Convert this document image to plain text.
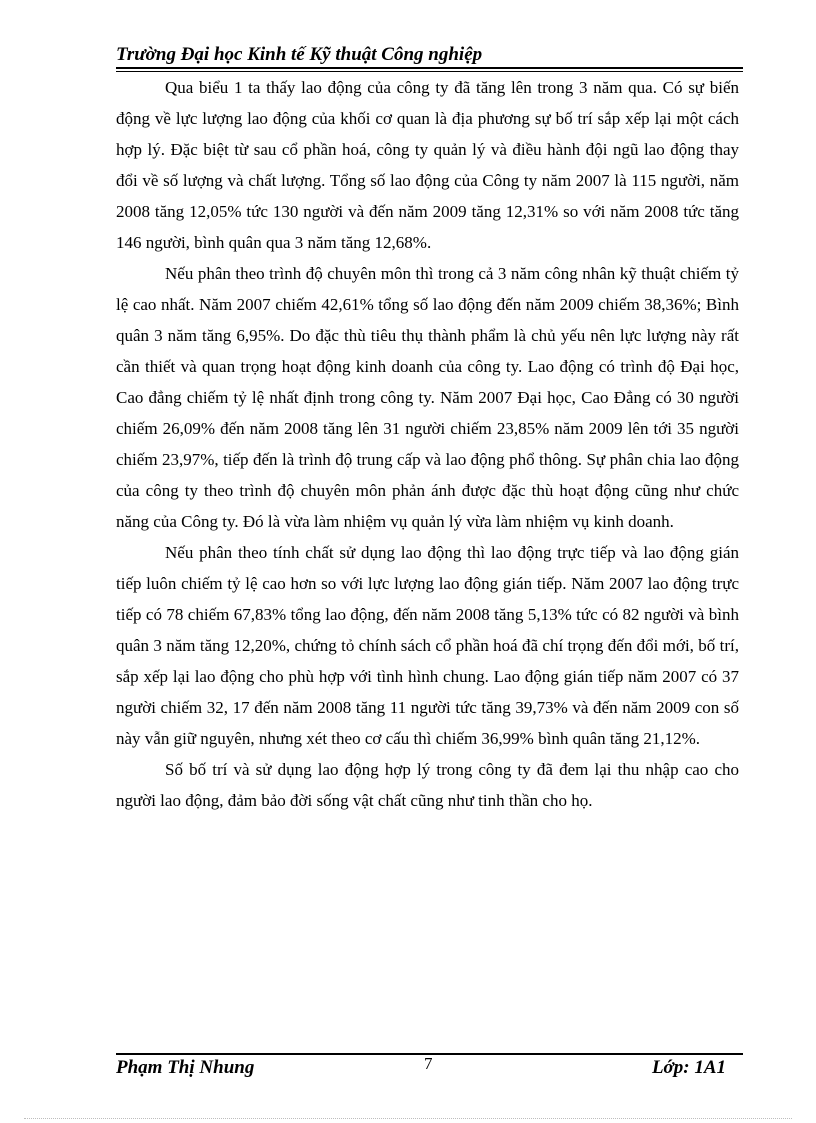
Trường Đại học Kinh tế Kỹ thuật Công nghiệp

Qua biểu 1 ta thấy lao động của công ty đã tăng lên trong 3 năm qua. Có sự biến động về lực lượng lao động của khối cơ quan là địa phương sự bố trí sắp xếp lại một cách hợp lý. Đặc biệt từ sau cổ phần hoá, công ty quản lý và điều hành đội ngũ lao động thay đổi về số lượng và chất lượng. Tổng số lao động của Công ty năm 2007 là 115 người, năm 2008 tăng 12,05% tức 130 người và đến năm 2009 tăng 12,31% so với năm 2008 tức tăng 146 người, bình quân qua 3 năm tăng 12,68%.

Nếu phân theo trình độ chuyên môn thì trong cả 3 năm công nhân kỹ thuật chiếm tỷ lệ cao nhất. Năm 2007 chiếm 42,61% tổng số lao động đến năm 2009 chiếm 38,36%; Bình quân 3 năm tăng 6,95%. Do đặc thù tiêu thụ thành phẩm là chủ yếu nên lực lượng này rất cần thiết và quan trọng hoạt động kinh doanh của công ty. Lao động có trình độ Đại học, Cao đẳng chiếm tỷ lệ nhất định trong công ty. Năm 2007 Đại học, Cao Đẳng có 30 người chiếm 26,09% đến năm 2008 tăng lên 31 người chiếm 23,85% năm 2009 lên tới 35 người chiếm 23,97%, tiếp đến là trình độ trung cấp và lao động phổ thông. Sự phân chia lao động của công ty theo trình độ chuyên môn phản ánh được đặc thù hoạt động cũng như chức năng của Công ty. Đó là vừa làm nhiệm vụ quản lý vừa làm nhiệm vụ kinh doanh.

Nếu phân theo tính chất sử dụng lao động thì lao động trực tiếp và lao động gián tiếp luôn chiếm tỷ lệ cao hơn so với lực lượng lao động gián tiếp. Năm 2007 lao động trực tiếp có 78 chiếm 67,83% tổng lao động, đến năm 2008 tăng 5,13% tức có 82 người và bình quân 3 năm tăng 12,20%, chứng tỏ chính sách cổ phần hoá đã chí trọng đến đổi mới, bố trí, sắp xếp lại lao động cho phù hợp với tình hình chung. Lao động gián tiếp năm 2007 có 37 người chiếm 32, 17 đến năm 2008 tăng 11 người tức tăng 39,73% và đến năm 2009 con số này vẫn giữ nguyên, nhưng xét theo cơ cấu thì chiếm 36,99% bình quân tăng 21,12%.

Số bố trí và sử dụng lao động hợp lý trong công ty đã đem lại thu nhập cao cho người lao động, đảm bảo đời sống vật chất cũng như tinh thần cho họ.

Phạm Thị Nhung	7	Lớp: 1A1
